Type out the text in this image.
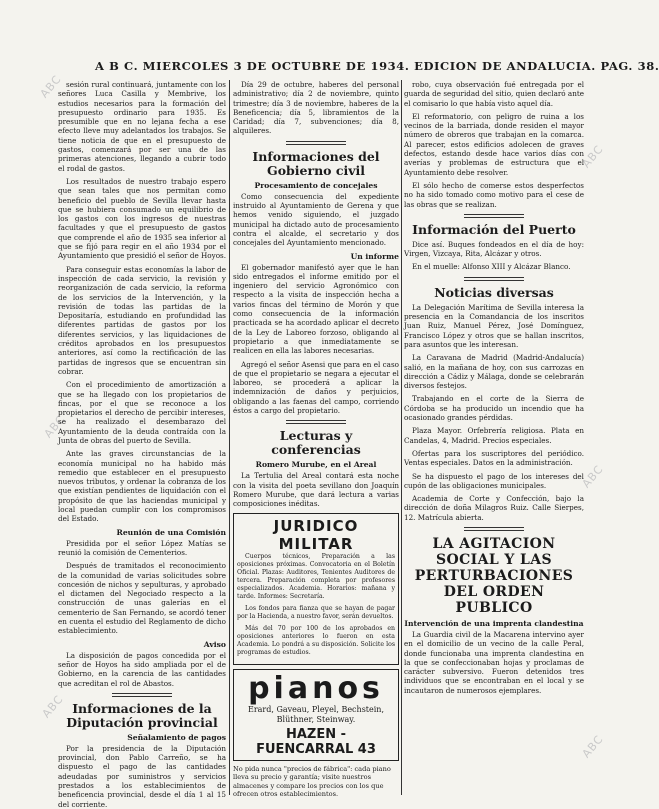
A B C. MIERCOLES 3 DE OCTUBRE DE 1934. EDICION DE ANDALUCIA. PAG. 38.
ABC
ABC
ABC
ABC
ABC
ABC

sesión rural continuará, juntamente con los señores Luca Casilla y Membrive, los estudios necesarios para la formación del presupuesto ordinario para 1935. Es presumible que en no lejana fecha a ese efecto lleve muy adelantados los trabajos. Se tiene noticia de que en el presupuesto de gastos, comenzará por ser una de las primeras atenciones, llegando a cubrir todo el rodal de gastos.

Los resultados de nuestro trabajo espero que sean tales que nos permitan como beneficio del pueblo de Sevilla llevar hasta que se hubiera consumado un equilibrio de los gastos con los ingresos de nuestras facultades y que el presupuesto de gastos que comprende el año de 1935 sea inferior al que se fijó para regir en el año 1934 por el Ayuntamiento que presidió el señor de Hoyos.

Para conseguir estas economías la labor de inspección de cada servicio, la revisión y reorganización de cada servicio, la reforma de los servicios de la Intervención, y la revisión de todas las partidas de la Depositaría, estudiando en profundidad las diferentes partidas de gastos por los diferentes servicios, y las liquidaciones de créditos aprobados en los presupuestos anteriores, así como la rectificación de las partidas de ingresos que se encuentran sin cobrar.

Con el procedimiento de amortización a que se ha llegado con los propietarios de fincas, por el que se reconoce a los propietarios el derecho de percibir intereses, se ha realizado el desembarazo del Ayuntamiento de la deuda contraída con la Junta de obras del puerto de Sevilla.

Ante las graves circunstancias de la economía municipal no ha habido más remedio que establecer en el presupuesto nuevos tributos, y ordenar la cobranza de los que existían pendientes de liquidación con el propósito de que las haciendas municipal y local puedan cumplir con los compromisos del Estado.

Reunión de una Comisión

Presidida por el señor López Matías se reunió la comisión de Cementerios.

Después de tramitados el reconocimiento de la comunidad de varias solicitudes sobre concesión de nichos y sepulturas, y aprobado el dictamen del Negociado respecto a la construcción de unas galerías en el cementerio de San Fernando, se acordó tener en cuenta el estudio del Reglamento de dicho establecimiento.

Aviso

La disposición de pagos concedida por el señor de Hoyos ha sido ampliada por el de Gobierno, en la carencia de las cantidades que acreditan el rol de Abastos.

Informaciones de la Diputación provincial
Señalamiento de pagos

Por la presidencia de la Diputación provincial, don Pablo Carreño, se ha dispuesto el pago de las cantidades adeudadas por suministros y servicios prestados a los establecimientos de beneficencia provincial, desde el día 1 al 15 del corriente.

Día 29 de octubre, haberes del personal administrativo; día 2 de noviembre, quinto trimestre; día 3 de noviembre, haberes de la Beneficencia; día 5, libramientos de la Caridad; día 7, subvenciones; día 8, alquileres.

Informaciones del Gobierno civil
Procesamiento de concejales

Como consecuencia del expediente instruido al Ayuntamiento de Gerena y que hemos venido siguiendo, el juzgado municipal ha dictado auto de procesamiento contra el alcalde, el secretario y dos concejales del Ayuntamiento mencionado.

Un informe

El gobernador manifestó ayer que le han sido entregados el informe emitido por el ingeniero del servicio Agronómico con respecto a la visita de inspección hecha a varios fincas del término de Morón y que como consecuencia de la información practicada se ha acordado aplicar el decreto de la Ley de Laboreo forzoso, obligando al propietario a que inmediatamente se realicen en ella las labores necesarias.

Agregó el señor Asensi que para en el caso de que el propietario se negara a ejecutar el laboreo, se procederá a aplicar la indemnización de daños y perjuicios, obligando a las faenas del campo, corriendo éstos a cargo del propietario.

Lecturas y conferencias
Romero Murube, en el Areal

La Tertulia del Areal contará esta noche con la visita del poeta sevillano don Joaquín Romero Murube, que dará lectura a varias composiciones inéditas.

JURIDICO MILITAR

Cuerpos técnicos, Preparación a las oposiciones próximas. Convocatoria en el Boletín Oficial. Plazas: Auditores, Tenientes Auditores de tercera. Preparación completa por profesores especializados. Academia. Horarios: mañana y tarde. Informes: Secretaría.

Los fondos para fianza que se hayan de pagar por la Hacienda, a nuestro favor, serán devueltos.

Más del 70 por 100 de los aprobados en oposiciones anteriores lo fueron en esta Academia. Lo pondrá a su disposición. Solicite los programas de estudios.

pianos
Erard, Gaveau, Pleyel, Bechstein, Blüthner, Steinway.
HAZEN - FUENCARRAL 43

No pida nunca "precios de fábrica": cada piano lleva su precio y garantía; visite nuestros almacenes y compare los precios con los que ofrecen otros establecimientos.

robo, cuya observación fué entregada por el guarda de seguridad del sitio, quien declaró ante el comisario lo que había visto aquel día.

El reformatorio, con peligro de ruina a los vecinos de la barriada, donde residen el mayor número de obreros que trabajan en la comarca. Al parecer, estos edificios adolecen de graves defectos, estando desde hace varios días con averías y problemas de estructura que el Ayuntamiento debe resolver.

El sólo hecho de comerse estos desperfectos no ha sido tomado como motivo para el cese de las obras que se realizan.

Información del Puerto

Dice así. Buques fondeados en el día de hoy: Virgen, Vizcaya, Rita, Alcázar y otros.

En el muelle: Alfonso XIII y Alcázar Blanco.

Noticias diversas

La Delegación Marítima de Sevilla interesa la presencia en la Comandancia de los inscritos Juan Ruiz, Manuel Pérez, José Domínguez, Francisco López y otros que se hallan inscritos, para asuntos que les interesan.

La Caravana de Madrid (Madrid-Andalucía) salió, en la mañana de hoy, con sus carrozas en dirección a Cádiz y Málaga, donde se celebrarán diversos festejos.

Trabajando en el corte de la Sierra de Córdoba se ha producido un incendio que ha ocasionado grandes pérdidas.

Plaza Mayor. Orfebrería religiosa. Plata en Candelas, 4, Madrid. Precios especiales.

Ofertas para los suscriptores del periódico. Ventas especiales. Datos en la administración.

Se ha dispuesto el pago de los intereses del cupón de las obligaciones municipales.

Academia de Corte y Confección, bajo la dirección de doña Milagros Ruiz. Calle Sierpes, 12. Matrícula abierta.

LA AGITACION SOCIAL Y LAS PERTURBACIONES DEL ORDEN PUBLICO
Intervención de una imprenta clandestina

La Guardia civil de la Macarena intervino ayer en el domicilio de un vecino de la calle Peral, donde funcionaba una imprenta clandestina en la que se confeccionaban hojas y proclamas de carácter subversivo. Fueron detenidos tres individuos que se encontraban en el local y se incautaron de numerosos ejemplares.
